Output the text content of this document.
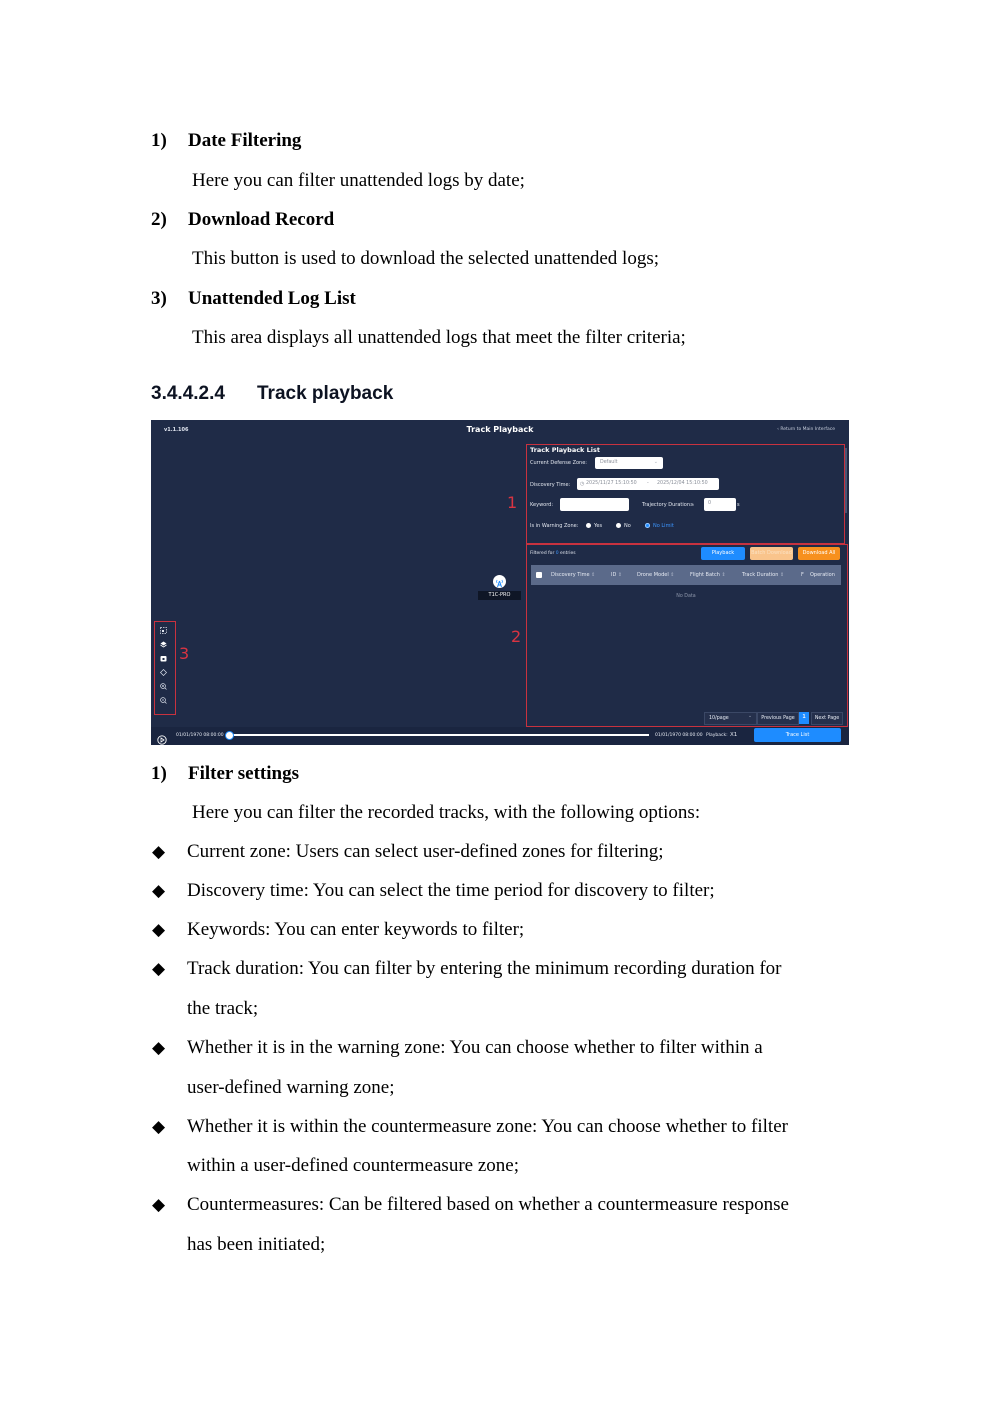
1) Date Filtering
Here you can filter unattended logs by date;
2) Download Record
This button is used to download the selected unattended logs;
3) Unattended Log List
This area displays all unattended logs that meet the filter criteria;
3.4.4.2.4 Track playback
v1.1.106	Track Playback	‹ Return to Main Interface
1
Track Playback List
Current Defense Zone:	Default	⌄
Discovery Time: ◷ 2025/11/27 15:10:50 - 2025/12/04 15:10:50
Keyword:	Trajectory Duration≥	0	s
Is in Warning Zone:	Yes	No	No Limit
2
Filtered for 0 entries	Playback	Batch Download	Download All
Discovery Time ⇕	ID ⇕	Drone Model ⇕	Flight Batch ⇕	Track Duration ⇕	F Operation
No Data
10/page	⌄	Previous Page	1	Next Page
T1C-PRO
3
01/01/1970 08:00:00	01/01/1970 08:00:00 Playback: X1	Trace List
1) Filter settings
Here you can filter the recorded tracks, with the following options:
◆ Current zone: Users can select user-defined zones for filtering;
◆ Discovery time: You can select the time period for discovery to filter;
◆ Keywords: You can enter keywords to filter;
◆ Track duration: You can filter by entering the minimum recording duration for
the track;
◆ Whether it is in the warning zone: You can choose whether to filter within a
user-defined warning zone;
◆ Whether it is within the countermeasure zone: You can choose whether to filter
within a user-defined countermeasure zone;
◆ Countermeasures: Can be filtered based on whether a countermeasure response
has been initiated;
